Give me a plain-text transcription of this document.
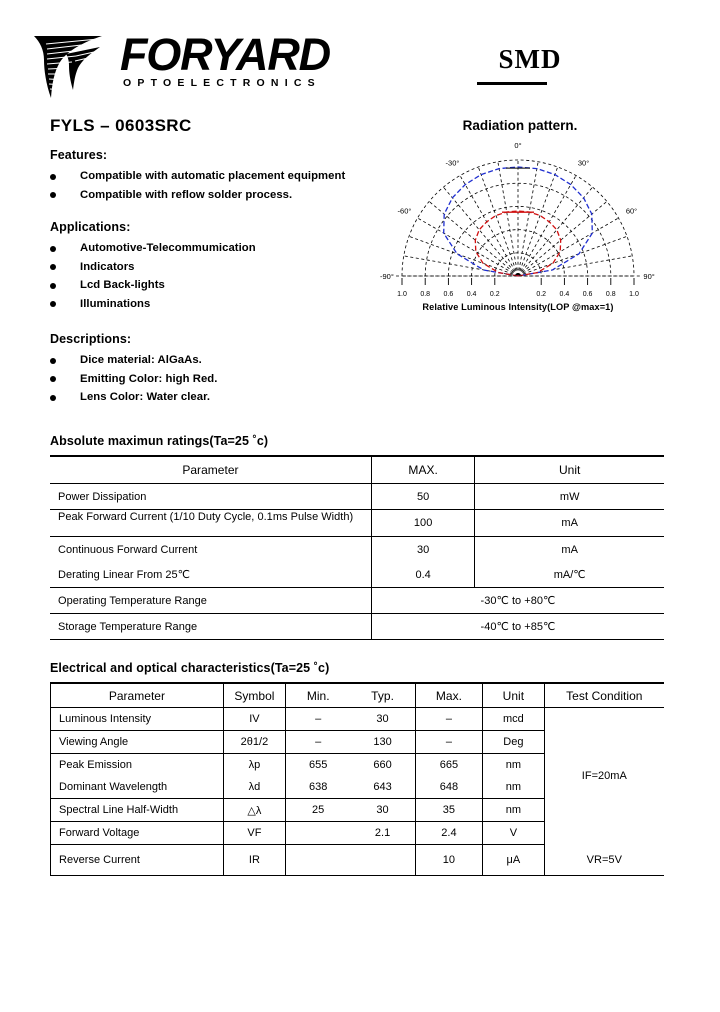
FORYARD
OPTOELECTRONICS
SMD
FYLS – 0603SRC	Radiation pattern.
Features:
Compatible with automatic placement equipment
Compatible with reflow solder process.
Applications:
Automotive-Telecommumication
Indicators
Lcd Back-lights
Illuminations
Descriptions:
Dice material: AlGaAs.
Emitting Color: high Red.
Lens Color: Water clear.
1.0 0.8 0.6 0.4 0.2	0.2 0.4 0.6 0.8 1.0
-90°
-60°
-30°
0°
30°
60°
90°
Relative Luminous Intensity(LOP @max=1)
Absolute maximun ratings(Ta=25 ˚c)
Parameter	MAX.	Unit
Power Dissipation	50	mW

Peak Forward Current (1/10 Duty Cycle, 0.1ms Pulse Width)	100	mA
Continuous Forward Current	30	mA
Derating Linear From 25℃	0.4	mA/℃
Operating Temperature Range	-30℃ to +80℃	
Storage Temperature Range	-40℃ to +85℃	
Electrical and optical characteristics(Ta=25 ˚c)
Parameter	Symbol	Min.	Typ.	Max.	Unit	Test Condition
Luminous Intensity	IV	–	30	–	mcd	IF=20mA
Viewing Angle	2θ1/2	–	130	–	Deg	
Peak Emission	λp	655	660	665	nm	
Dominant Wavelength	λd	638	643	648	nm	
Spectral Line Half-Width	△λ	25	30	35	nm	
Forward Voltage	VF		2.1	2.4	V	
Reverse Current	IR			10	μA	VR=5V
